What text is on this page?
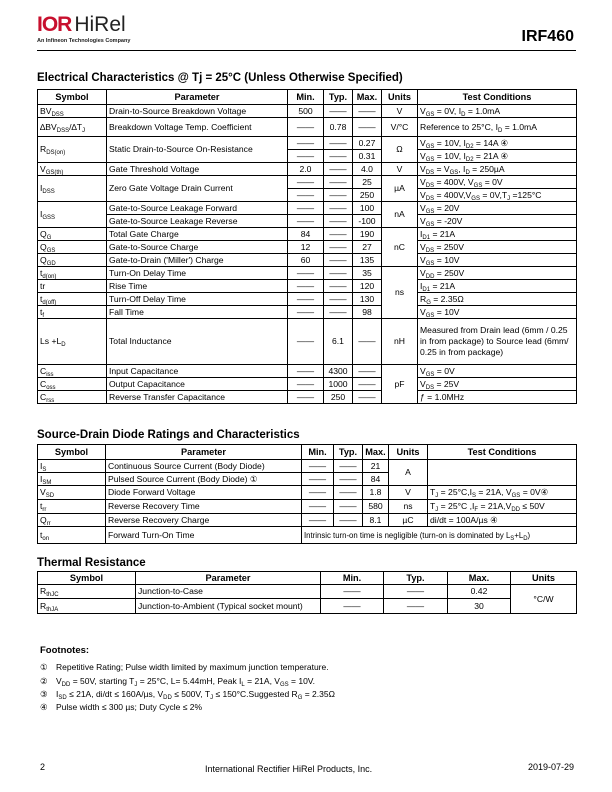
IOR HiRel
An Infineon Technologies Company	IRF460
Electrical Characteristics @ Tj = 25°C (Unless Otherwise Specified)
Symbol	Parameter	Min.	Typ.	Max.	Units	Test Conditions
$BV_{DSS}$	Drain-to-Source Breakdown Voltage	500	——	——	V	$V_{GS} = 0V$, $I_D = 1.0mA$
$\Delta BV_{DSS}/\Delta T_J$	Breakdown Voltage Temp. Coefficient	——	0.78	——	V/°C	Reference to 25°C, $I_D = 1.0mA$
$R_{DS(on)}$	Static Drain-to-Source On-Resistance	——	——	0.27	Ω	$V_{GS} = 10V$, $I_{D2} = 14A$ ④
		——	——	0.31		$V_{GS} = 10V$, $I_{D2} = 21A$ ④
$V_{GS(th)}$	Gate Threshold Voltage	2.0	——	4.0	V	$V_{DS} = V_{GS}$, $I_D = 250\mu A$
$I_{DSS}$	Zero Gate Voltage Drain Current	——	——	25	µA	$V_{DS} = 400V$, $V_{GS} = 0V$
		——	——	250		$V_{DS} = 400V,V_{GS} = 0V,T_J =125^\circ C$
$I_{GSS}$	Gate-to-Source Leakage Forward	——	——	100	nA	$V_{GS} = 20V$
	Gate-to-Source Leakage Reverse	——	——	-100		$V_{GS} = -20V$
$Q_G$	Total Gate Charge	84	——	190	nC	$I_{D1} = 21A$
$Q_{GS}$	Gate-to-Source Charge	12	——	27		$V_{DS} = 250V$
$Q_{GD}$	Gate-to-Drain ('Miller') Charge	60	——	135		$V_{GS} = 10V$
$t_{d(on)}$	Turn-On Delay Time	——	——	35	ns	$V_{DD} = 250V$
tr	Rise Time	——	——	120		$I_{D1} = 21A$
$t_{d(off)}$	Turn-Off Delay Time	——	——	130		$R_G = 2.35\Omega$
$t_f$	Fall Time	——	——	98		$V_{GS} = 10V$
$Ls +L_D$	Total Inductance	——	6.1	——	nH	Measured from Drain lead (6mm / 0.25 in from package) to Source lead (6mm/ 0.25 in from package)
$C_{iss}$	Input Capacitance	——	4300	——	pF	$V_{GS} = 0V$
$C_{oss}$	Output Capacitance	——	1000	——		$V_{DS} = 25V$
$C_{rss}$	Reverse Transfer Capacitance	——	250	——		ƒ = 1.0MHz
Source-Drain Diode Ratings and Characteristics
Symbol	Parameter	Min.	Typ.	Max.	Units	Test Conditions
$I_S$	Continuous Source Current (Body Diode)	——	——	21	A	
$I_{SM}$	Pulsed Source Current (Body Diode) ①	——	——	84		
$V_{SD}$	Diode Forward Voltage	——	——	1.8	V	$T_J = 25^\circ C,I_S = 21A$, $V_{GS}$ = 0V④
$t_{rr}$	Reverse Recovery Time	——	——	580	ns	$T_J = 25^\circ C$ $,I_F = 21A,V_{DD} \le 50V$
$Q_{rr}$	Reverse Recovery Charge	——	——	8.1	µC	di/dt = 100A/µs ④
$t_{on}$	Forward Turn-On Time	Intrinsic turn-on time is negligible (turn-on is dominated by $L_S+L_D$)				
Thermal Resistance
Symbol	Parameter	Min.	Typ.	Max.	Units
$R_{thJC}$	Junction-to-Case	——	——	0.42	°C/W
$R_{thJA}$	Junction-to-Ambient (Typical socket mount)	——	——	30	
Footnotes:
① Repetitive Rating; Pulse width limited by maximum junction temperature.
② $V_{DD} = 50V$, starting $T_J = 25^\circ C$, L= 5.44mH, Peak $I_L = 21A$, $V_{GS} = 10V$.
③ $I_{SD} \le 21A$, di/dt ≤ 160A/µs, $V_{DD} \le 500V$, $T_J$ ≤ 150°C.Suggested $R_G = 2.35\Omega$
④ Pulse width ≤ 300 µs; Duty Cycle ≤ 2%
2	International Rectifier HiRel Products, Inc.	2019-07-29
